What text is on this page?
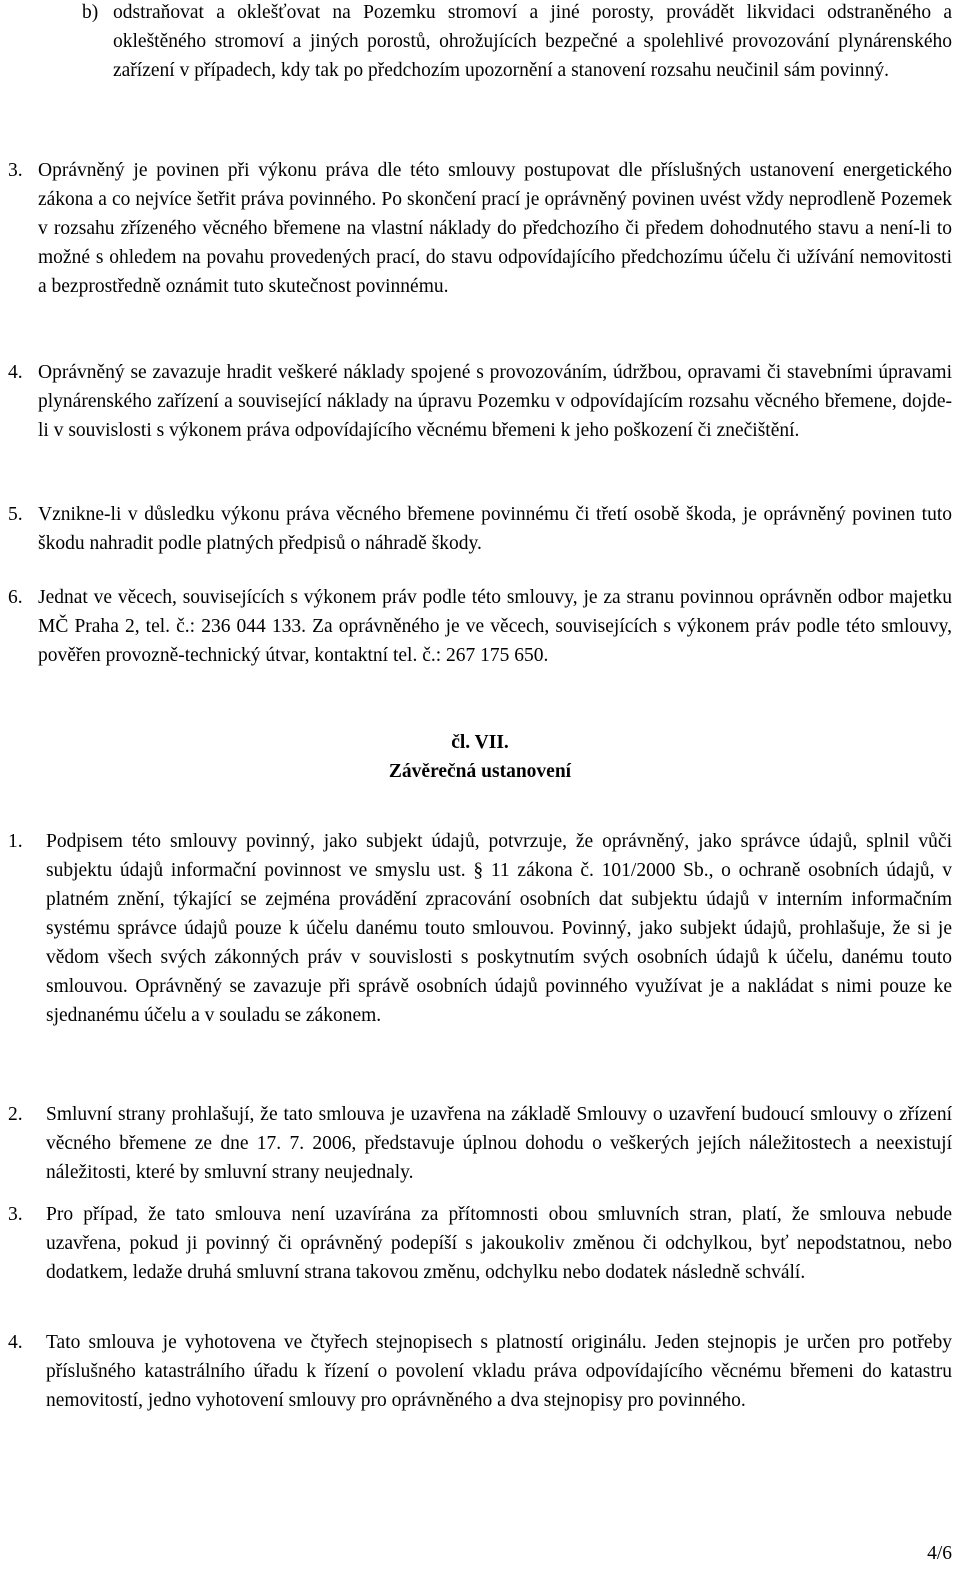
b) odstraňovat a oklešťovat na Pozemku stromoví a jiné porosty, provádět likvidaci odstraněného a okleštěného stromoví a jiných porostů, ohrožujících bezpečné a spolehlivé provozování plynárenského zařízení v případech, kdy tak po předchozím upozornění a stanovení rozsahu neučinil sám povinný.
3. Oprávněný je povinen při výkonu práva dle této smlouvy postupovat dle příslušných ustanovení energetického zákona a co nejvíce šetřit práva povinného. Po skončení prací je oprávněný povinen uvést vždy neprodleně Pozemek v rozsahu zřízeného věcného břemene na vlastní náklady do předchozího či předem dohodnutého stavu a není-li to možné s ohledem na povahu provedených prací, do stavu odpovídajícího předchozímu účelu či užívání nemovitosti a bezprostředně oznámit tuto skutečnost povinnému.
4. Oprávněný se zavazuje hradit veškeré náklady spojené s provozováním, údržbou, opravami či stavebními úpravami plynárenského zařízení a související náklady na úpravu Pozemku v odpovídajícím rozsahu věcného břemene, dojde-li v souvislosti s výkonem práva odpovídajícího věcnému břemeni k jeho poškození či znečištění.
5. Vznikne-li v důsledku výkonu práva věcného břemene povinnému či třetí osobě škoda, je oprávněný povinen tuto škodu nahradit podle platných předpisů o náhradě škody.
6. Jednat ve věcech, souvisejících s výkonem práv podle této smlouvy, je za stranu povinnou oprávněn odbor majetku MČ Praha 2, tel. č.: 236 044 133. Za oprávněného je ve věcech, souvisejících s výkonem práv podle této smlouvy, pověřen provozně-technický útvar, kontaktní tel. č.: 267 175 650.
čl. VII.
Závěrečná ustanovení
1. Podpisem této smlouvy povinný, jako subjekt údajů, potvrzuje, že oprávněný, jako správce údajů, splnil vůči subjektu údajů informační povinnost ve smyslu ust. § 11 zákona č. 101/2000 Sb., o ochraně osobních údajů, v platném znění, týkající se zejména provádění zpracování osobních dat subjektu údajů v interním informačním systému správce údajů pouze k účelu danému touto smlouvou. Povinný, jako subjekt údajů, prohlašuje, že si je vědom všech svých zákonných práv v souvislosti s poskytnutím svých osobních údajů k účelu, danému touto smlouvou. Oprávněný se zavazuje při správě osobních údajů povinného využívat je a nakládat s nimi pouze ke sjednanému účelu a v souladu se zákonem.
2. Smluvní strany prohlašují, že tato smlouva je uzavřena na základě Smlouvy o uzavření budoucí smlouvy o zřízení věcného břemene ze dne 17. 7. 2006, představuje úplnou dohodu o veškerých jejích náležitostech a neexistují náležitosti, které by smluvní strany neujednaly.
3. Pro případ, že tato smlouva není uzavírána za přítomnosti obou smluvních stran, platí, že smlouva nebude uzavřena, pokud ji povinný či oprávněný podepíší s jakoukoliv změnou či odchylkou, byť nepodstatnou, nebo dodatkem, ledaže druhá smluvní strana takovou změnu, odchylku nebo dodatek následně schválí.
4. Tato smlouva je vyhotovena ve čtyřech stejnopisech s platností originálu. Jeden stejnopis je určen pro potřeby příslušného katastrálního úřadu k řízení o povolení vkladu práva odpovídajícího věcnému břemeni do katastru nemovitostí, jedno vyhotovení smlouvy pro oprávněného a dva stejnopisy pro povinného.
4/6
